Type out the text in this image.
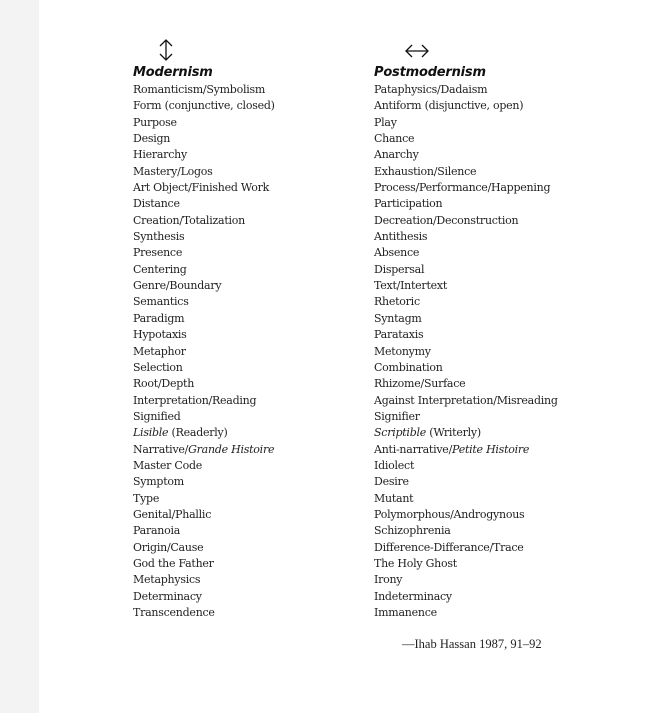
Modernism
Romanticism/Symbolism
Form (conjunctive, closed)
Purpose
Design
Hierarchy
Mastery/Logos
Art Object/Finished Work
Distance
Creation/Totalization
Synthesis
Presence
Centering
Genre/Boundary
Semantics
Paradigm
Hypotaxis
Metaphor
Selection
Root/Depth
Interpretation/Reading
Signified
Lisible (Readerly)
Narrative/Grande Histoire
Master Code
Symptom
Type
Genital/Phallic
Paranoia
Origin/Cause
God the Father
Metaphysics
Determinacy
Transcendence
Postmodernism
Pataphysics/Dadaism
Antiform (disjunctive, open)
Play
Chance
Anarchy
Exhaustion/Silence
Process/Performance/Happening
Participation
Decreation/Deconstruction
Antithesis
Absence
Dispersal
Text/Intertext
Rhetoric
Syntagm
Parataxis
Metonymy
Combination
Rhizome/Surface
Against Interpretation/Misreading
Signifier
Scriptible (Writerly)
Anti-narrative/Petite Histoire
Idiolect
Desire
Mutant
Polymorphous/Androgynous
Schizophrenia
Difference-Differance/Trace
The Holy Ghost
Irony
Indeterminacy
Immanence
—Ihab Hassan 1987, 91–92
